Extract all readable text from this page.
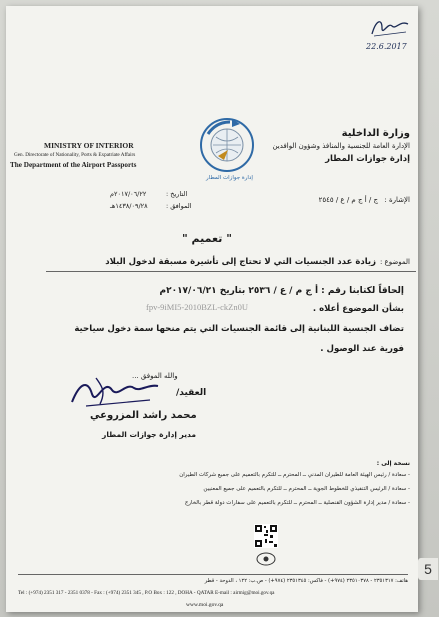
22.6.2017
وزارة الداخلية
الإدارة العامة للجنسية والمنافذ وشؤون الوافدين
إدارة جوازات المطار
MINISTRY OF INTERIOR
Gen. Directorate of Nationality, Ports & Expatriate Affairs
The Department of the Airport Passports
إدارة جوازات المطار
الإشارة :
ج / أ ج م / ع / ٢٥٤٥
التاريخ :
٢٠١٧/٠٦/٢٢م
الموافق :
١٤٣٨/٠٩/٢٨هـ
" تعميم "
الموضوع :
زيادة عدد الجنسيات التي لا تحتاج إلى تأشيرة مسبقة لدخول البلاد
إلحاقاً لكتابنا رقم : أ ج م / ع / ٢٥٣٦ بتاريخ ٢٠١٧/٠٦/٢١م
fpv-9iMI5-2010BZL-ckZn0U	بشأن الموضوع أعلاه .
تضاف الجنسية اللبنانية إلى قائمة الجنسيات التي يتم منحها سمة دخول سياحية
فورية عند الوصول .
والله الموفق ...
العقيد/
محمد راشد المزروعي
مدير إدارة جوازات المطار
نسخة إلى :
- سعادة / رئيس الهيئة العامة للطيران المدني ــ المحترم ــ للتكرم بالتعميم على جميع شركات الطيران
- سعادة / الرئيس التنفيذي للخطوط الجوية ــ المحترم ــ للتكرم بالتعميم على جميع المعنيين
- سعادة / مدير إدارة الشؤون القنصلية ــ المحترم ــ للتكرم بالتعميم على سفارات دولة قطر بالخارج
هاتف: ٢٣٥١٣١٧ - ٢٣٥١٠٣٧٨ (٩٧٤+) - فاكس: ٢٣٥١٣٤٥ (٩٧٤+) - ص.ب: ١٢٢ ، الدوحة - قطر
Tel : (+974) 2351 317 - 2351 0378 - Fax : (+974) 2351 345 , P.O Box : 122 , DOHA - QATAR E-mail : airmig@moi.gov.qa
www.moi.gov.qa
5
